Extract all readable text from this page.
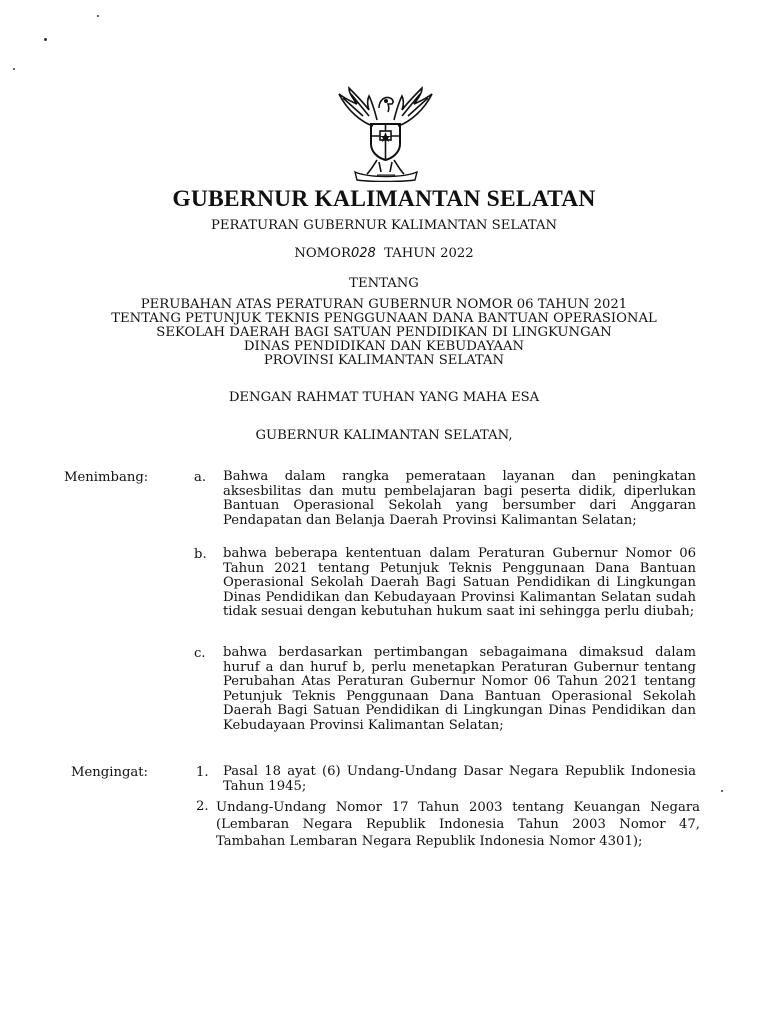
GUBERNUR KALIMANTAN SELATAN
PERATURAN GUBERNUR KALIMANTAN SELATAN
NOMOR028 TAHUN 2022
TENTANG
PERUBAHAN ATAS PERATURAN GUBERNUR NOMOR 06 TAHUN 2021
TENTANG PETUNJUK TEKNIS PENGGUNAAN DANA BANTUAN OPERASIONAL
SEKOLAH DAERAH BAGI SATUAN PENDIDIKAN DI LINGKUNGAN
DINAS PENDIDIKAN DAN KEBUDAYAAN
PROVINSI KALIMANTAN SELATAN
DENGAN RAHMAT TUHAN YANG MAHA ESA
GUBERNUR KALIMANTAN SELATAN,
Menimbang:	a. Bahwa dalam rangka pemerataan layanan dan peningkatan aksesbilitas dan mutu pembelajaran bagi peserta didik, diperlukan Bantuan Operasional Sekolah yang bersumber dari Anggaran Pendapatan dan Belanja Daerah Provinsi Kalimantan Selatan;
b. bahwa beberapa kententuan dalam Peraturan Gubernur Nomor 06 Tahun 2021 tentang Petunjuk Teknis Penggunaan Dana Bantuan Operasional Sekolah Daerah Bagi Satuan Pendidikan di Lingkungan Dinas Pendidikan dan Kebudayaan Provinsi Kalimantan Selatan sudah tidak sesuai dengan kebutuhan hukum saat ini sehingga perlu diubah;
c. bahwa berdasarkan pertimbangan sebagaimana dimaksud dalam huruf a dan huruf b, perlu menetapkan Peraturan Gubernur tentang Perubahan Atas Peraturan Gubernur Nomor 06 Tahun 2021 tentang Petunjuk Teknis Penggunaan Dana Bantuan Operasional Sekolah Daerah Bagi Satuan Pendidikan di Lingkungan Dinas Pendidikan dan Kebudayaan Provinsi Kalimantan Selatan;
Mengingat:	1. Pasal 18 ayat (6) Undang-Undang Dasar Negara Republik Indonesia Tahun 1945;
2. Undang-Undang Nomor 17 Tahun 2003 tentang Keuangan Negara (Lembaran Negara Republik Indonesia Tahun 2003 Nomor 47, Tambahan Lembaran Negara Republik Indonesia Nomor 4301);
